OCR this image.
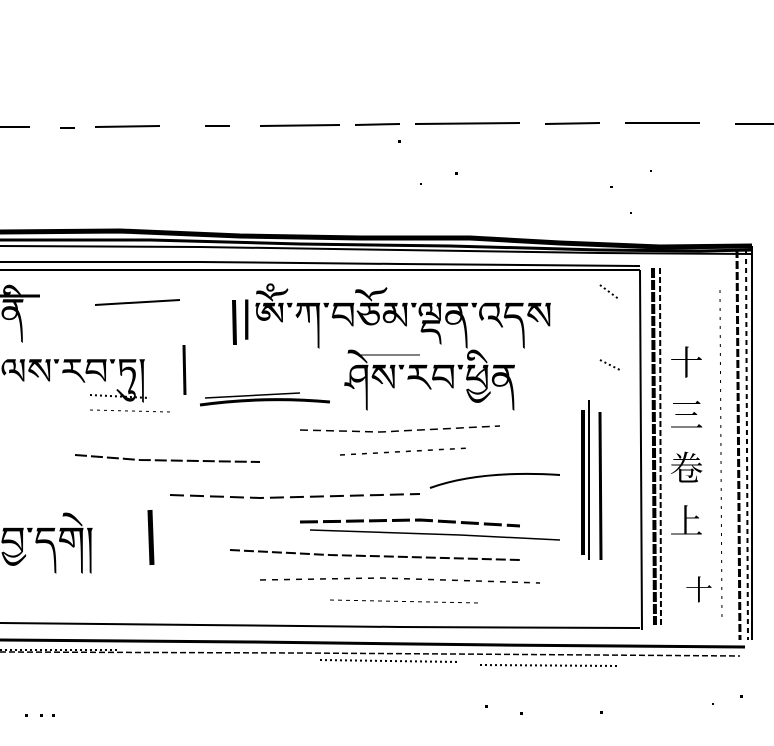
ནི	|ༀ་ཀ་བཅོམ་ལྡན་འདས
ལས་རབ་ཏུ།	ཤེས་རབ་ཕྱིན
བྱ་དགེ།
十 三 卷 上
十
